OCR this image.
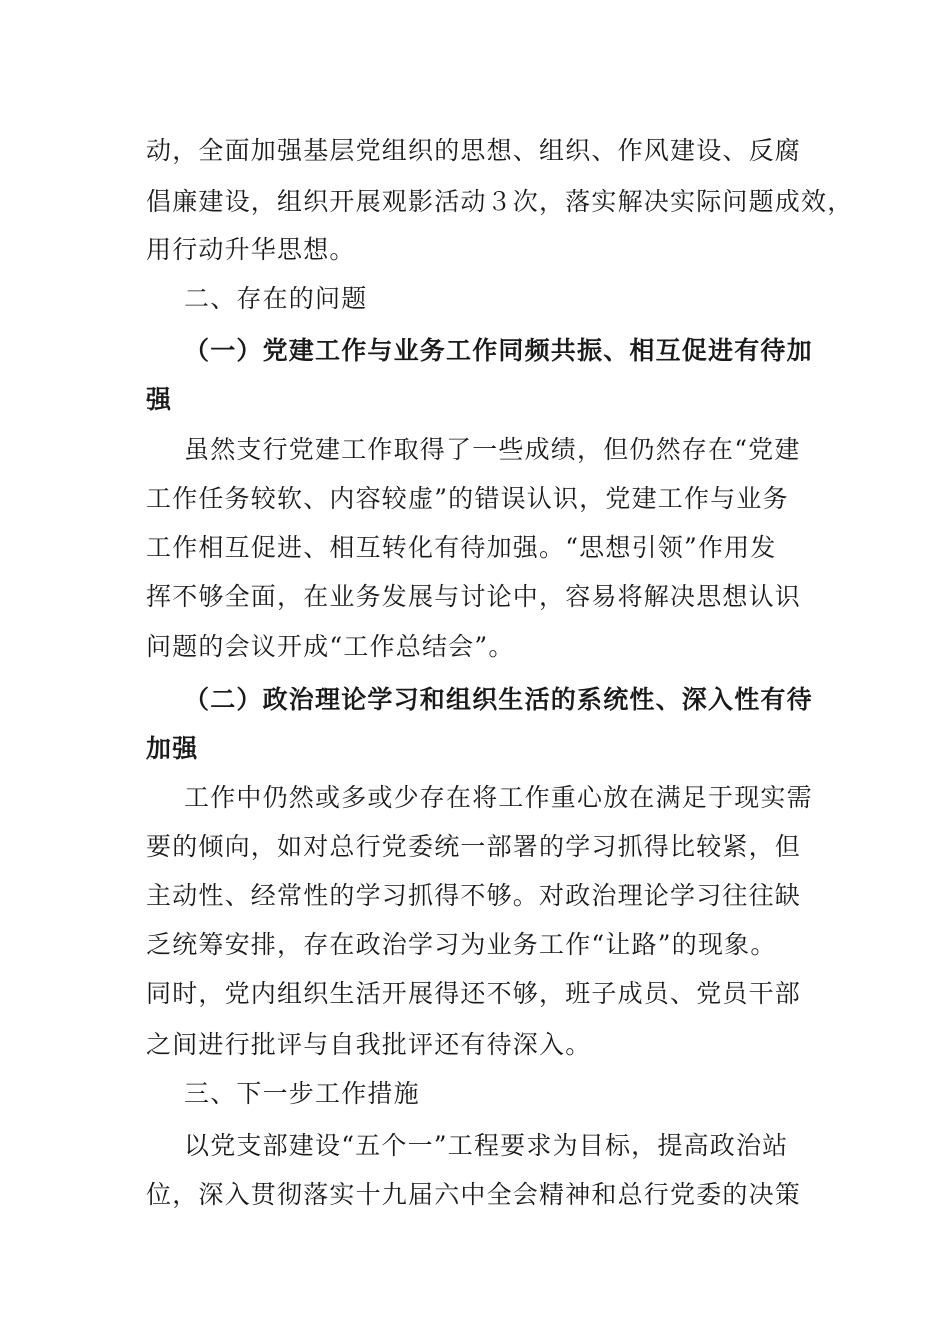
动，全面加强基层党组织的思想、组织、作风建设、反腐
倡廉建设，组织开展观影活动３次，落实解决实际问题成效，
用行动升华思想。
二、存在的问题
（一）党建工作与业务工作同频共振、相互促进有待加
强
虽然支行党建工作取得了一些成绩，但仍然存在“党建
工作任务较软、内容较虚”的错误认识，党建工作与业务
工作相互促进、相互转化有待加强。“思想引领”作用发
挥不够全面，在业务发展与讨论中，容易将解决思想认识
问题的会议开成“工作总结会”。
（二）政治理论学习和组织生活的系统性、深入性有待
加强
工作中仍然或多或少存在将工作重心放在满足于现实需
要的倾向，如对总行党委统一部署的学习抓得比较紧，但
主动性、经常性的学习抓得不够。对政治理论学习往往缺
乏统筹安排，存在政治学习为业务工作“让路”的现象。
同时，党内组织生活开展得还不够，班子成员、党员干部
之间进行批评与自我批评还有待深入。
三、下一步工作措施
以党支部建设“五个一”工程要求为目标，提高政治站
位，深入贯彻落实十九届六中全会精神和总行党委的决策
